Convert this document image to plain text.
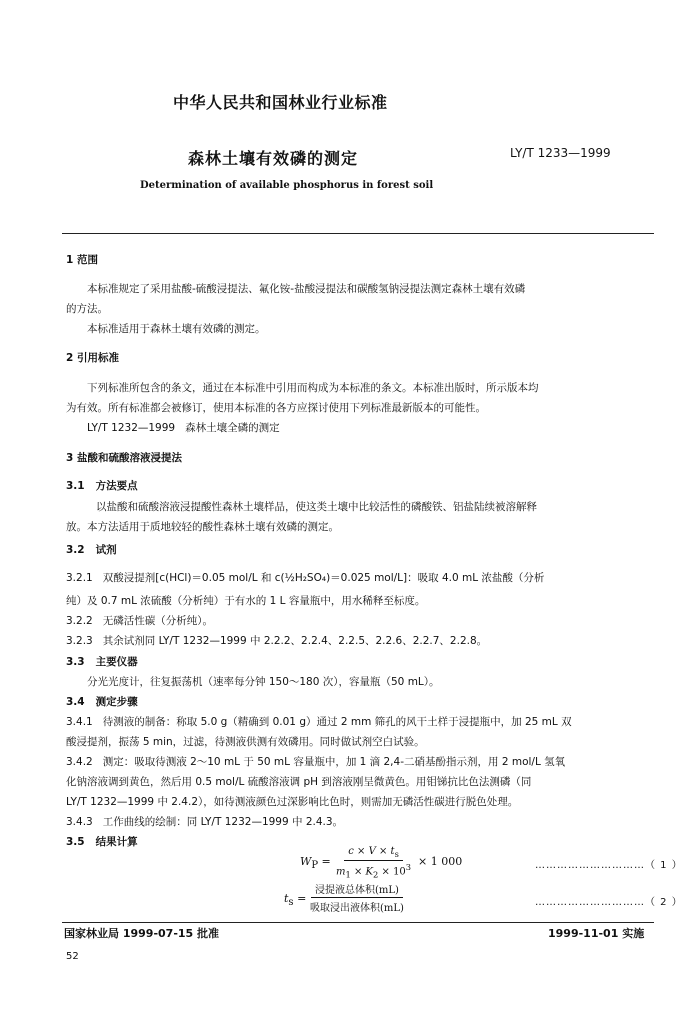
中华人民共和国林业行业标准
森林土壤有效磷的测定	LY/T 1233—1999
Determination of available phosphorus in forest soil
1 范围
本标准规定了采用盐酸-硫酸浸提法、氟化铵-盐酸浸提法和碳酸氢钠浸提法测定森林土壤有效磷
的方法。
本标准适用于森林土壤有效磷的测定。
2 引用标准
下列标准所包含的条文，通过在本标准中引用而构成为本标准的条文。本标准出版时，所示版本均
为有效。所有标准都会被修订，使用本标准的各方应探讨使用下列标准最新版本的可能性。
LY/T 1232—1999   森林土壤全磷的测定
3 盐酸和硫酸溶液浸提法
3.1   方法要点
以盐酸和硫酸溶液浸提酸性森林土壤样品，使这类土壤中比较活性的磷酸铁、铝盐陆续被溶解释
放。本方法适用于质地较轻的酸性森林土壤有效磷的测定。
3.2   试剂
3.2.1   双酸浸提剂[c(HCl)＝0.05 mol/L 和 c(½H₂SO₄)＝0.025 mol/L]：吸取 4.0 mL 浓盐酸（分析
纯）及 0.7 mL 浓硫酸（分析纯）于有水的 1 L 容量瓶中，用水稀释至标度。
3.2.2   无磷活性碳（分析纯）。
3.2.3   其余试剂同 LY/T 1232—1999 中 2.2.2、2.2.4、2.2.5、2.2.6、2.2.7、2.2.8。
3.3   主要仪器
分光光度计，往复振荡机（速率每分钟 150～180 次），容量瓶（50 mL）。
3.4   测定步骤
3.4.1   待测液的制备：称取 5.0 g（精确到 0.01 g）通过 2 mm 筛孔的风干土样于浸提瓶中，加 25 mL 双
酸浸提剂，振荡 5 min，过滤，待测液供测有效磷用。同时做试剂空白试验。
3.4.2   测定：吸取待测液 2～10 mL 于 50 mL 容量瓶中，加 1 滴 2,4-二硝基酚指示剂，用 2 mol/L 氢氧
化钠溶液调到黄色，然后用 0.5 mol/L 硫酸溶液调 pH 到溶液刚呈微黄色。用钼锑抗比色法测磷（同
LY/T 1232—1999 中 2.4.2），如待测液颜色过深影响比色时，则需加无磷活性碳进行脱色处理。
3.4.3   工作曲线的绘制：同 LY/T 1232—1999 中 2.4.3。
3.5   结果计算
$W_P = \frac{c \times V \times t_s}{m_1 \times K_2 \times 10^3} \times 1$ 000	…………………………（ 1 ）
$t_s$ =
浸提液总体积(mL)
吸取浸出液体积(mL)
…………………………（ 2 ）
国家林业局 1999-07-15 批准	1999-11-01 实施
52
